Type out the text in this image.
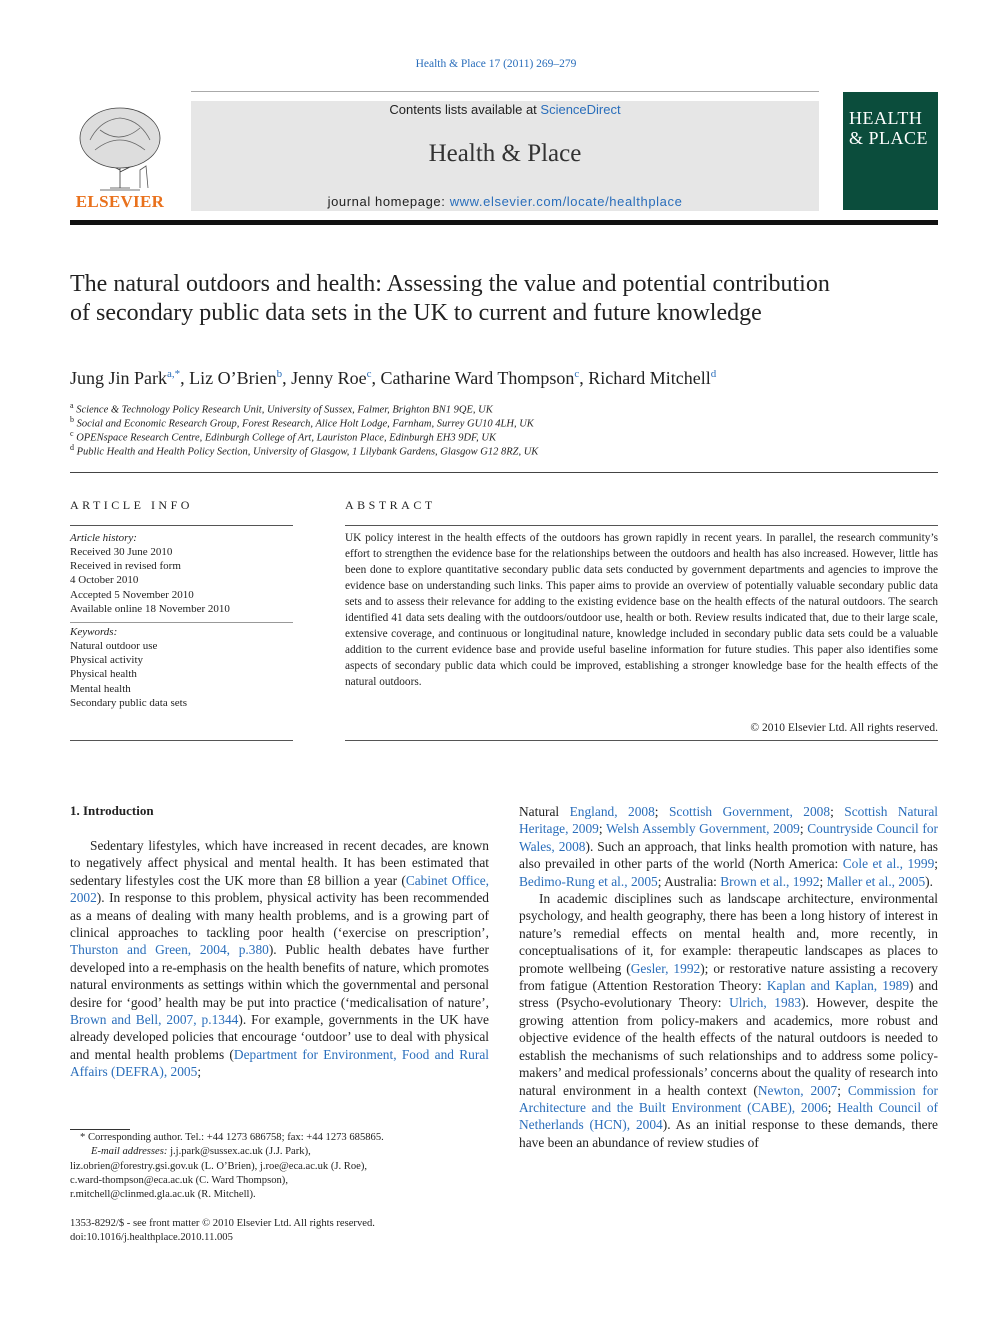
Health & Place 17 (2011) 269–279
Contents lists available at ScienceDirect
Health & Place
journal homepage: www.elsevier.com/locate/healthplace
ELSEVIER
HEALTH
& PLACE
The natural outdoors and health: Assessing the value and potential contribution of secondary public data sets in the UK to current and future knowledge
Jung Jin Park$^{a,*}$, Liz O’Brien$^b$, Jenny Roe$^c$, Catharine Ward Thompson$^c$, Richard Mitchell$^d$
$^a$ Science & Technology Policy Research Unit, University of Sussex, Falmer, Brighton BN1 9QE, UK
$^b$ Social and Economic Research Group, Forest Research, Alice Holt Lodge, Farnham, Surrey GU10 4LH, UK
$^c$ OPENspace Research Centre, Edinburgh College of Art, Lauriston Place, Edinburgh EH3 9DF, UK
$^d$ Public Health and Health Policy Section, University of Glasgow, 1 Lilybank Gardens, Glasgow G12 8RZ, UK
ARTICLE INFO
Article history:
Received 30 June 2010
Received in revised form
4 October 2010
Accepted 5 November 2010
Available online 18 November 2010
Keywords:
Natural outdoor use
Physical activity
Physical health
Mental health
Secondary public data sets
ABSTRACT
UK policy interest in the health effects of the outdoors has grown rapidly in recent years. In parallel, the research community’s effort to strengthen the evidence base for the relationships between the outdoors and health has also increased. However, little has been done to explore quantitative secondary public data sets conducted by government departments and agencies to improve the evidence base on understanding such links. This paper aims to provide an overview of potentially valuable secondary public data sets and to assess their relevance for adding to the existing evidence base on the health effects of the natural outdoors. The search identified 41 data sets dealing with the outdoors/outdoor use, health or both. Review results indicated that, due to their large scale, extensive coverage, and continuous or longitudinal nature, knowledge included in secondary public data sets could be a valuable addition to the current evidence base and provide useful baseline information for future studies. This paper also identifies some aspects of secondary public data which could be improved, establishing a stronger knowledge base for the health effects of the natural outdoors.
© 2010 Elsevier Ltd. All rights reserved.
1. Introduction

Sedentary lifestyles, which have increased in recent decades, are known to negatively affect physical and mental health. It has been estimated that sedentary lifestyles cost the UK more than £8 billion a year (Cabinet Office, 2002). In response to this problem, physical activity has been recommended as a means of dealing with many health problems, and is a growing part of clinical approaches to tackling poor health (‘exercise on prescription’, Thurston and Green, 2004, p.380). Public health debates have further developed into a re-emphasis on the health benefits of nature, which promotes natural environments as settings within which the governmental and personal desire for ‘good’ health may be put into practice (‘medicalisation of nature’, Brown and Bell, 2007, p.1344). For example, governments in the UK have already developed policies that encourage ‘outdoor’ use to deal with physical and mental health problems (Department for Environment, Food and Rural Affairs (DEFRA), 2005;

Natural England, 2008; Scottish Government, 2008; Scottish Natural Heritage, 2009; Welsh Assembly Government, 2009; Countryside Council for Wales, 2008). Such an approach, that links health promotion with nature, has also prevailed in other parts of the world (North America: Cole et al., 1999; Bedimo-Rung et al., 2005; Australia: Brown et al., 1992; Maller et al., 2005).

In academic disciplines such as landscape architecture, environmental psychology, and health geography, there has been a long history of interest in nature’s remedial effects on mental health and, more recently, in conceptualisations of it, for example: therapeutic landscapes as places to promote wellbeing (Gesler, 1992); or restorative nature assisting a recovery from fatigue (Attention Restoration Theory: Kaplan and Kaplan, 1989) and stress (Psycho-evolutionary Theory: Ulrich, 1983). However, despite the growing attention from policy-makers and academics, more robust and objective evidence of the health effects of the natural outdoors is needed to establish the mechanisms of such relationships and to address some policy-makers’ and medical professionals’ concerns about the quality of research into natural environment in a health context (Newton, 2007; Commission for Architecture and the Built Environment (CABE), 2006; Health Council of Netherlands (HCN), 2004). As an initial response to these demands, there have been an abundance of review studies of

* Corresponding author. Tel.: +44 1273 686758; fax: +44 1273 685865.
E-mail addresses: j.j.park@sussex.ac.uk (J.J. Park),
liz.obrien@forestry.gsi.gov.uk (L. O’Brien), j.roe@eca.ac.uk (J. Roe),
c.ward-thompson@eca.ac.uk (C. Ward Thompson),
r.mitchell@clinmed.gla.ac.uk (R. Mitchell).
1353-8292/$ - see front matter © 2010 Elsevier Ltd. All rights reserved.
doi:10.1016/j.healthplace.2010.11.005
